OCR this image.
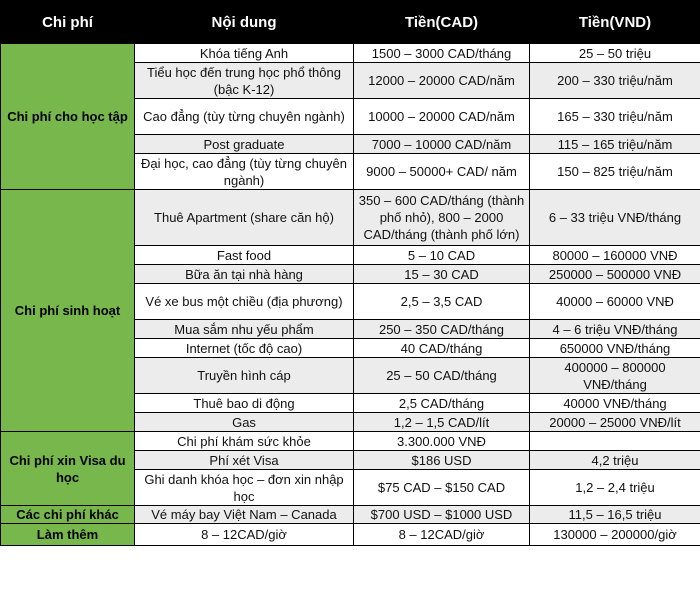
Chi phí	Nội dung	Tiền(CAD)	Tiền(VND)
Chi phí cho học tập	Khóa tiếng Anh	1500 – 3000 CAD/tháng	25 – 50 triệu
	Tiểu học đến trung học phổ thông (bậc K-12)	12000 – 20000 CAD/năm	200 – 330 triệu/năm
	Cao đẳng (tùy từng chuyên ngành)	10000 – 20000 CAD/năm	165 – 330 triệu/năm
	Post graduate	7000 – 10000 CAD/năm	115 – 165 triệu/năm
	Đại học, cao đẳng (tùy từng chuyên ngành)	9000 – 50000+ CAD/ năm	150 – 825 triệu/năm
Chi phí sinh hoạt	Thuê Apartment (share căn hộ)	350 – 600 CAD/tháng (thành phố nhỏ), 800 – 2000 CAD/tháng (thành phố lớn)	6 – 33 triệu VNĐ/tháng
	Fast food	5 – 10 CAD	80000 – 160000 VNĐ
	Bữa ăn tại nhà hàng	15 – 30 CAD	250000 – 500000 VNĐ
	Vé xe bus một chiều (địa phương)	2,5 – 3,5 CAD	40000 – 60000 VNĐ
	Mua sắm nhu yếu phẩm	250 – 350 CAD/tháng	4 – 6 triệu VNĐ/tháng
	Internet (tốc độ cao)	40 CAD/tháng	650000 VNĐ/tháng
	Truyền hình cáp	25 – 50 CAD/tháng	400000 – 800000 VNĐ/tháng
	Thuê bao di động	2,5 CAD/tháng	40000 VNĐ/tháng
	Gas	1,2 – 1,5 CAD/lít	20000 – 25000 VNĐ/lít
Chi phí xin Visa du học	Chi phí khám sức khỏe	3.300.000 VNĐ	
	Phí xét Visa	$186 USD	4,2 triệu
	Ghi danh khóa học – đơn xin nhập học	$75 CAD – $150 CAD	1,2 – 2,4 triệu
Các chi phí khác	Vé máy bay Việt Nam – Canada	$700 USD – $1000 USD	11,5 – 16,5 triệu
Làm thêm	8 – 12CAD/giờ	8 – 12CAD/giờ	130000 – 200000/giờ
